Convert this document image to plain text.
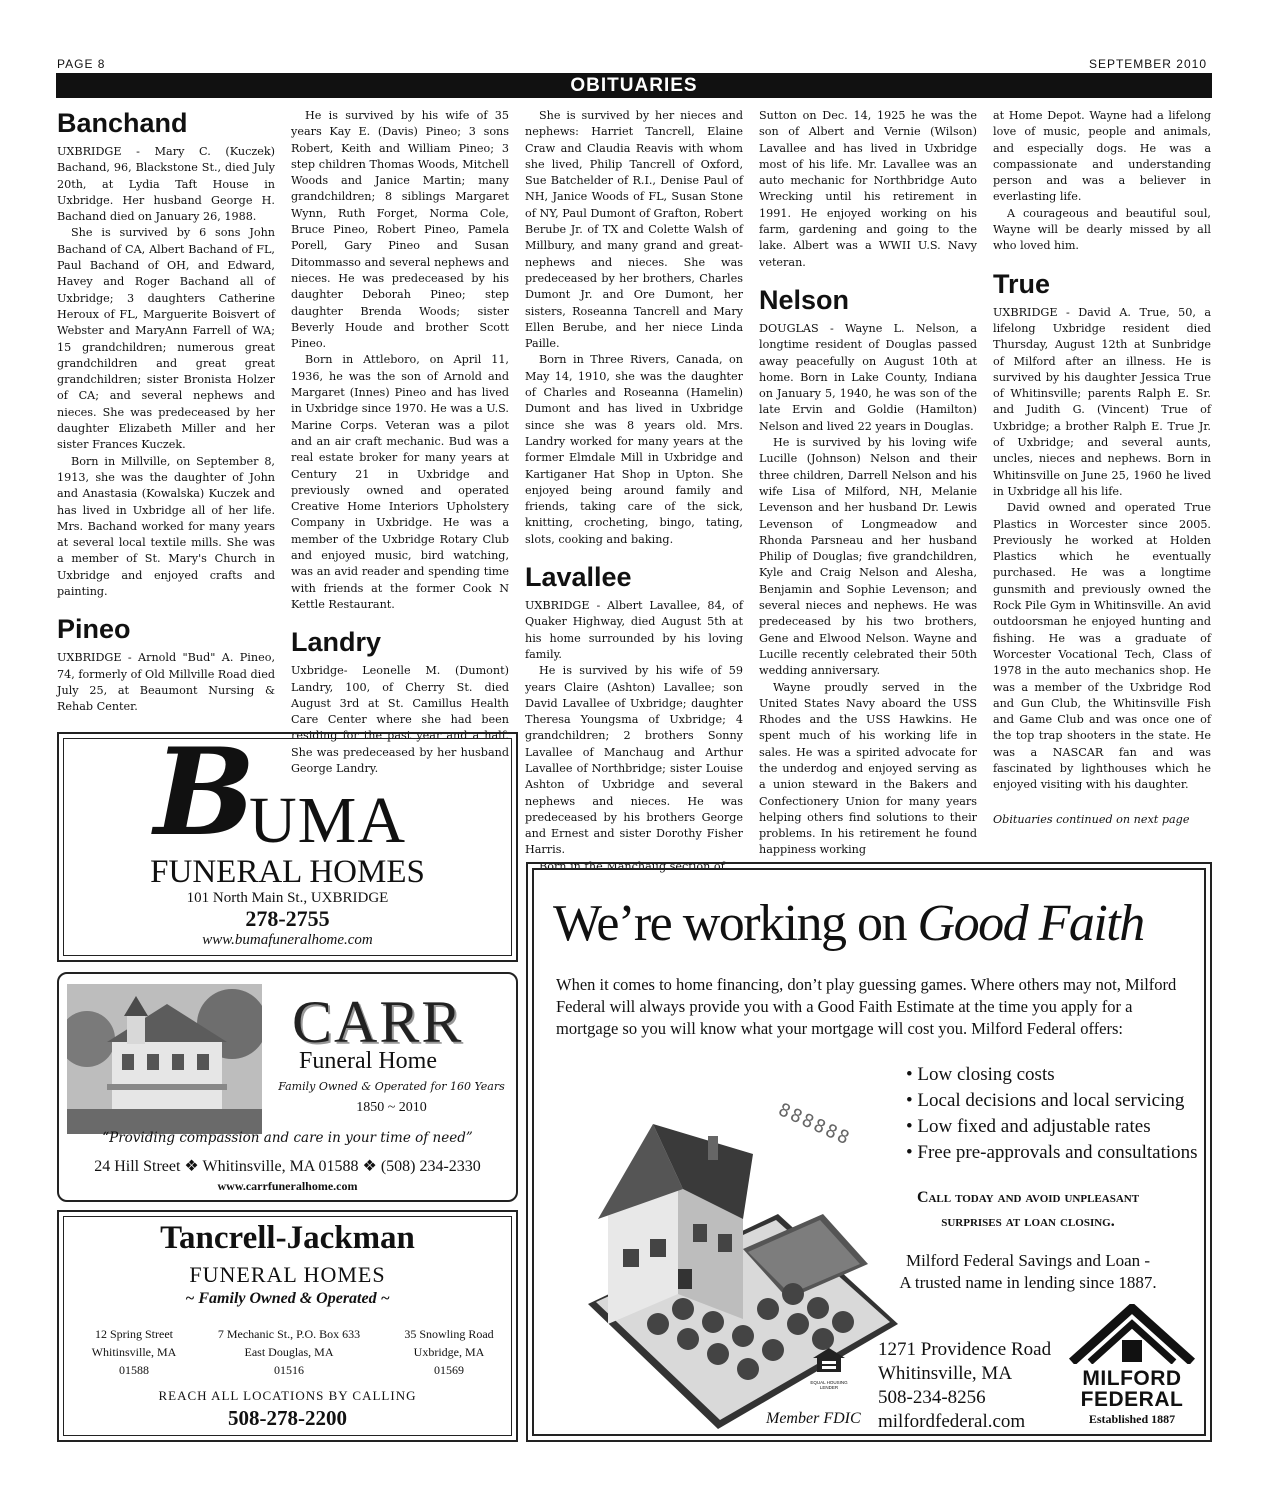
PAGE 8	SEPTEMBER 2010
OBITUARIES
Banchand

UXBRIDGE - Mary C. (Kuczek) Bachand, 96, Blackstone St., died July 20th, at Lydia Taft House in Uxbridge. Her husband George H. Bachand died on January 26, 1988.

She is survived by 6 sons John Bachand of CA, Albert Bachand of FL, Paul Bachand of OH, and Edward, Havey and Roger Bachand all of Uxbridge; 3 daughters Catherine Heroux of FL, Marguerite Boisvert of Webster and MaryAnn Farrell of WA; 15 grandchildren; numerous great grandchildren and great great grandchildren; sister Bronista Holzer of CA; and several nephews and nieces. She was predeceased by her daughter Elizabeth Miller and her sister Frances Kuczek.

Born in Millville, on September 8, 1913, she was the daughter of John and Anastasia (Kowalska) Kuczek and has lived in Uxbridge all of her life. Mrs. Bachand worked for many years at several local textile mills. She was a member of St. Mary's Church in Uxbridge and enjoyed crafts and painting.

Pineo

UXBRIDGE - Arnold "Bud" A. Pineo, 74, formerly of Old Millville Road died July 25, at Beaumont Nursing & Rehab Center.

He is survived by his wife of 35 years Kay E. (Davis) Pineo; 3 sons Robert, Keith and William Pineo; 3 step children Thomas Woods, Mitchell Woods and Janice Martin; many grandchildren; 8 siblings Margaret Wynn, Ruth Forget, Norma Cole, Bruce Pineo, Robert Pineo, Pamela Porell, Gary Pineo and Susan Ditommasso and several nephews and nieces. He was predeceased by his daughter Deborah Pineo; step daughter Brenda Woods; sister Beverly Houde and brother Scott Pineo.

Born in Attleboro, on April 11, 1936, he was the son of Arnold and Margaret (Innes) Pineo and has lived in Uxbridge since 1970. He was a U.S. Marine Corps. Veteran was a pilot and an air craft mechanic. Bud was a real estate broker for many years at Century 21 in Uxbridge and previously owned and operated Creative Home Interiors Upholstery Company in Uxbridge. He was a member of the Uxbridge Rotary Club and enjoyed music, bird watching, was an avid reader and spending time with friends at the former Cook N Kettle Restaurant.

Landry

Uxbridge- Leonelle M. (Dumont) Landry, 100, of Cherry St. died August 3rd at St. Camillus Health Care Center where she had been residing for the past year and a half. She was predeceased by her husband George Landry.

She is survived by her nieces and nephews: Harriet Tancrell, Elaine Craw and Claudia Reavis with whom she lived, Philip Tancrell of Oxford, Sue Batchelder of R.I., Denise Paul of NH, Janice Woods of FL, Susan Stone of NY, Paul Dumont of Grafton, Robert Berube Jr. of TX and Colette Walsh of Millbury, and many grand and great-nephews and nieces. She was predeceased by her brothers, Charles Dumont Jr. and Ore Dumont, her sisters, Roseanna Tancrell and Mary Ellen Berube, and her niece Linda Paille.

Born in Three Rivers, Canada, on May 14, 1910, she was the daughter of Charles and Roseanna (Hamelin) Dumont and has lived in Uxbridge since she was 8 years old. Mrs. Landry worked for many years at the former Elmdale Mill in Uxbridge and Kartiganer Hat Shop in Upton. She enjoyed being around family and friends, taking care of the sick, knitting, crocheting, bingo, tating, slots, cooking and baking.

Lavallee

UXBRIDGE - Albert Lavallee, 84, of Quaker Highway, died August 5th at his home surrounded by his loving family.

He is survived by his wife of 59 years Claire (Ashton) Lavallee; son David Lavallee of Uxbridge; daughter Theresa Youngsma of Uxbridge; 4 grandchildren; 2 brothers Sonny Lavallee of Manchaug and Arthur Lavallee of Northbridge; sister Louise Ashton of Uxbridge and several nephews and nieces. He was predeceased by his brothers George and Ernest and sister Dorothy Fisher Harris.

Born in the Manchaug section of

Sutton on Dec. 14, 1925 he was the son of Albert and Vernie (Wilson) Lavallee and has lived in Uxbridge most of his life. Mr. Lavallee was an auto mechanic for Northbridge Auto Wrecking until his retirement in 1991. He enjoyed working on his farm, gardening and going to the lake. Albert was a WWII U.S. Navy veteran.

Nelson

DOUGLAS - Wayne L. Nelson, a longtime resident of Douglas passed away peacefully on August 10th at home. Born in Lake County, Indiana on January 5, 1940, he was son of the late Ervin and Goldie (Hamilton) Nelson and lived 22 years in Douglas.

He is survived by his loving wife Lucille (Johnson) Nelson and their three children, Darrell Nelson and his wife Lisa of Milford, NH, Melanie Levenson and her husband Dr. Lewis Levenson of Longmeadow and Rhonda Parsneau and her husband Philip of Douglas; five grandchildren, Kyle and Craig Nelson and Alesha, Benjamin and Sophie Levenson; and several nieces and nephews. He was predeceased by his two brothers, Gene and Elwood Nelson. Wayne and Lucille recently celebrated their 50th wedding anniversary.

Wayne proudly served in the United States Navy aboard the USS Rhodes and the USS Hawkins. He spent much of his working life in sales. He was a spirited advocate for the underdog and enjoyed serving as a union steward in the Bakers and Confectionery Union for many years helping others find solutions to their problems. In his retirement he found happiness working

at Home Depot. Wayne had a lifelong love of music, people and animals, and especially dogs. He was a compassionate and understanding person and was a believer in everlasting life.

A courageous and beautiful soul, Wayne will be dearly missed by all who loved him.

True

UXBRIDGE - David A. True, 50, a lifelong Uxbridge resident died Thursday, August 12th at Sunbridge of Milford after an illness. He is survived by his daughter Jessica True of Whitinsville; parents Ralph E. Sr. and Judith G. (Vincent) True of Uxbridge; a brother Ralph E. True Jr. of Uxbridge; and several aunts, uncles, nieces and nephews. Born in Whitinsville on June 25, 1960 he lived in Uxbridge all his life.

David owned and operated True Plastics in Worcester since 2005. Previously he worked at Holden Plastics which he eventually purchased. He was a longtime gunsmith and previously owned the Rock Pile Gym in Whitinsville. An avid outdoorsman he enjoyed hunting and fishing. He was a graduate of Worcester Vocational Tech, Class of 1978 in the auto mechanics shop. He was a member of the Uxbridge Rod and Gun Club, the Whitinsville Fish and Game Club and was once one of the top trap shooters in the state. He was a NASCAR fan and was fascinated by lighthouses which he enjoyed visiting with his daughter.

Obituaries continued on next page

B
UMA
FUNERAL HOMES
101 North Main St., UXBRIDGE
278-2755
www.bumafuneralhome.com
CARR
Funeral Home
Family Owned & Operated for 160 Years
1850 ~ 2010
“Providing compassion and care in your time of need”
24 Hill Street ❖ Whitinsville, MA 01588 ❖ (508) 234-2330
www.carrfuneralhome.com
Tancrell-Jackman
FUNERAL HOMES
~ Family Owned & Operated ~
12 Spring Street
Whitinsville, MA
01588
7 Mechanic St., P.O. Box 633
East Douglas, MA
01516
35 Snowling Road
Uxbridge, MA
01569
REACH ALL LOCATIONS BY CALLING
508-278-2200
We’re working on Good Faith
When it comes to home financing, don’t play guessing games. Where others may not, Milford Federal will always provide you with a Good Faith Estimate at the time you apply for a mortgage so you will know what your mortgage will cost you. Milford Federal offers:
888888
• Low closing costs
• Local decisions and local servicing
• Low fixed and adjustable rates
• Free pre-approvals and consultations
Call today and avoid unpleasant
surprises at loan closing.
Milford Federal Savings and Loan -
A trusted name in lending since 1887.
EQUAL HOUSING LENDER
Member FDIC
1271 Providence Road
Whitinsville, MA
508-234-8256
milfordfederal.com
MILFORD
FEDERAL
Established 1887
